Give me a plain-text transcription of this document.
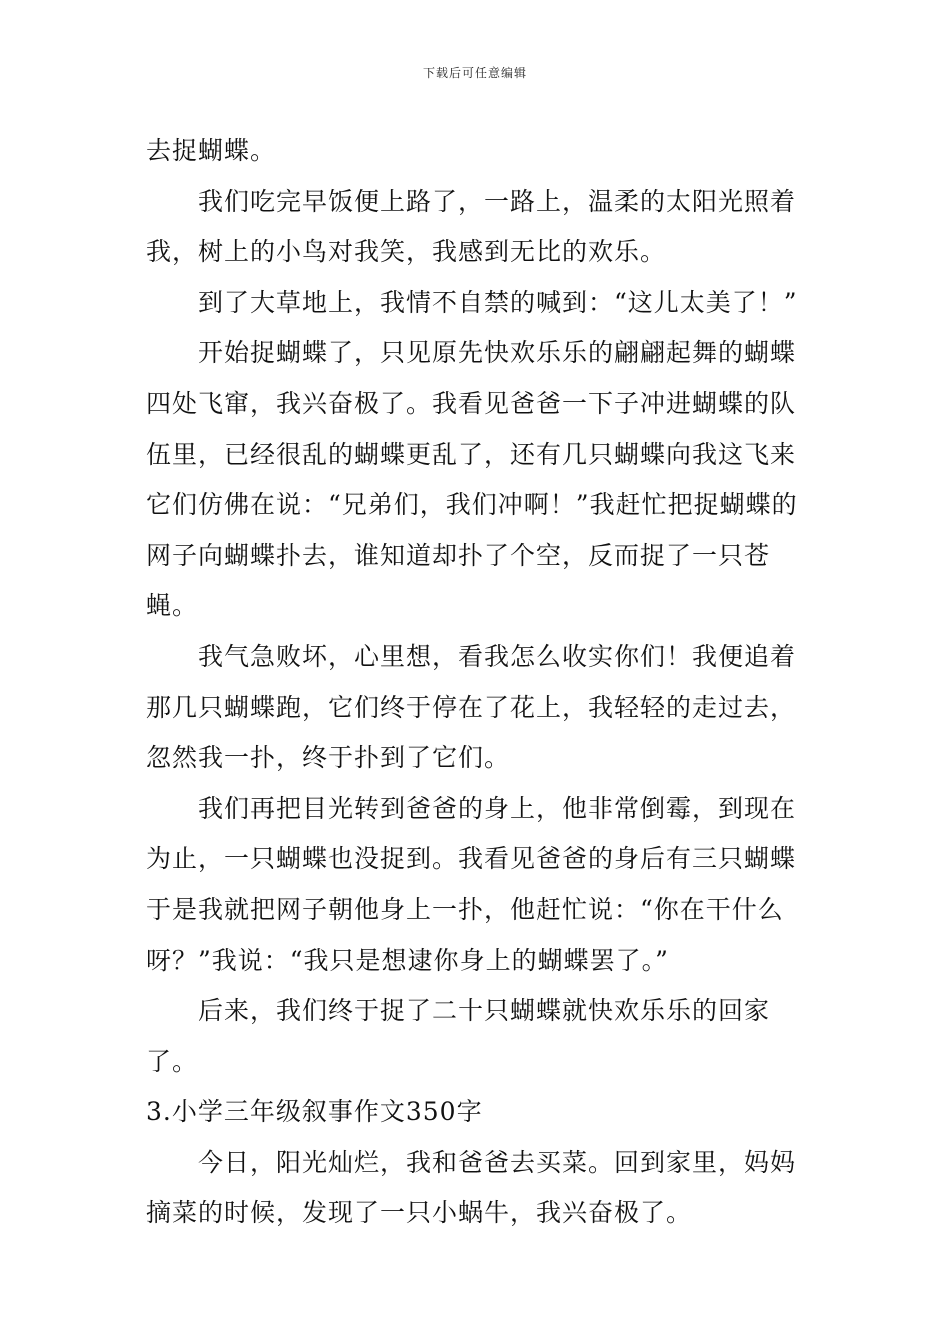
下载后可任意编辑

去捉蝴蝶。

我们吃完早饭便上路了，一路上，温柔的太阳光照着我，树上的小鸟对我笑，我感到无比的欢乐。

到了大草地上，我情不自禁的喊到：“这儿太美了！”

开始捉蝴蝶了，只见原先快欢乐乐的翩翩起舞的蝴蝶四处飞窜，我兴奋极了。我看见爸爸一下子冲进蝴蝶的队伍里，已经很乱的蝴蝶更乱了，还有几只蝴蝶向我这飞来它们仿佛在说：“兄弟们，我们冲啊！”我赶忙把捉蝴蝶的网子向蝴蝶扑去，谁知道却扑了个空，反而捉了一只苍蝇。

我气急败坏，心里想，看我怎么收实你们！我便追着那几只蝴蝶跑，它们终于停在了花上，我轻轻的走过去，忽然我一扑，终于扑到了它们。

我们再把目光转到爸爸的身上，他非常倒霉，到现在为止，一只蝴蝶也没捉到。我看见爸爸的身后有三只蝴蝶于是我就把网子朝他身上一扑，他赶忙说：“你在干什么呀？”我说：“我只是想逮你身上的蝴蝶罢了。”

后来，我们终于捉了二十只蝴蝶就快欢乐乐的回家了。

3.小学三年级叙事作文350字

今日，阳光灿烂，我和爸爸去买菜。回到家里，妈妈摘菜的时候，发现了一只小蜗牛，我兴奋极了。
